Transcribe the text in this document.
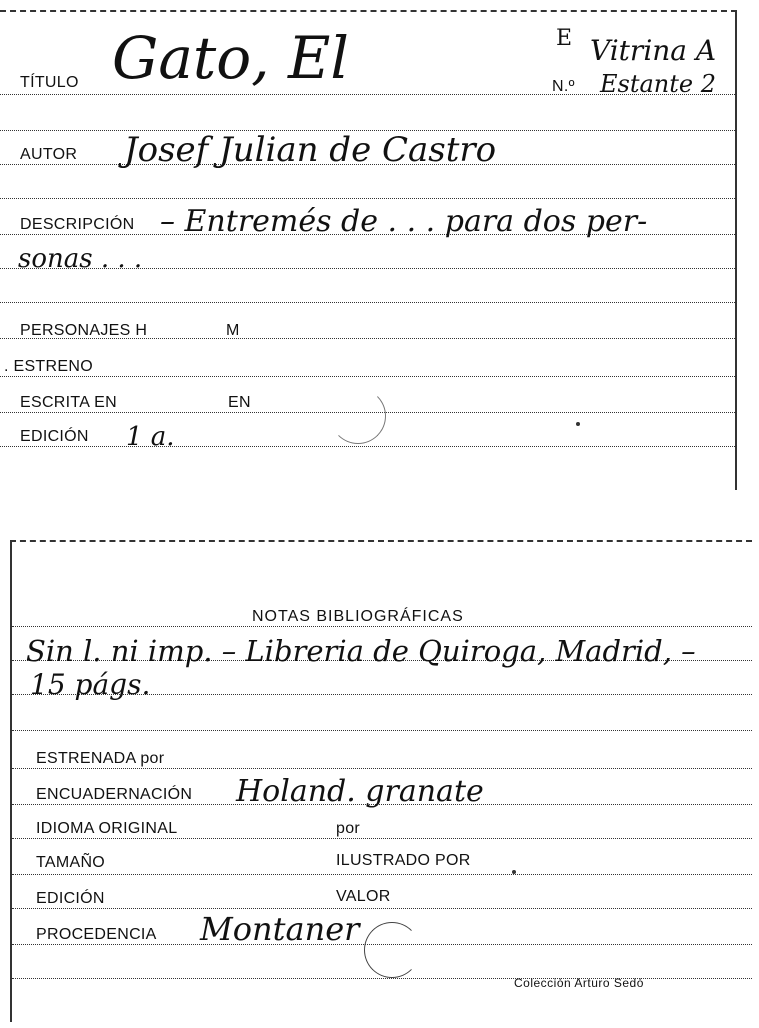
TÍTULO Gato, El	E Vitrina A
N.º Estante 2
AUTOR Josef Julian de Castro
DESCRIPCIÓN – Entremés de . . . para dos per-
sonas . . .
PERSONAJES H	M
. ESTRENO
ESCRITA EN	EN
EDICIÓN 1 a.
NOTAS BIBLIOGRÁFICAS
Sin l. ni imp. – Libreria de Quiroga, Madrid, –
15 págs.
ESTRENADA por
ENCUADERNACIÓN Holand. granate
IDIOMA ORIGINAL	por
TAMAÑO	ILUSTRADO POR
EDICIÓN	VALOR
PROCEDENCIA Montaner
Colección Arturo Sedó
